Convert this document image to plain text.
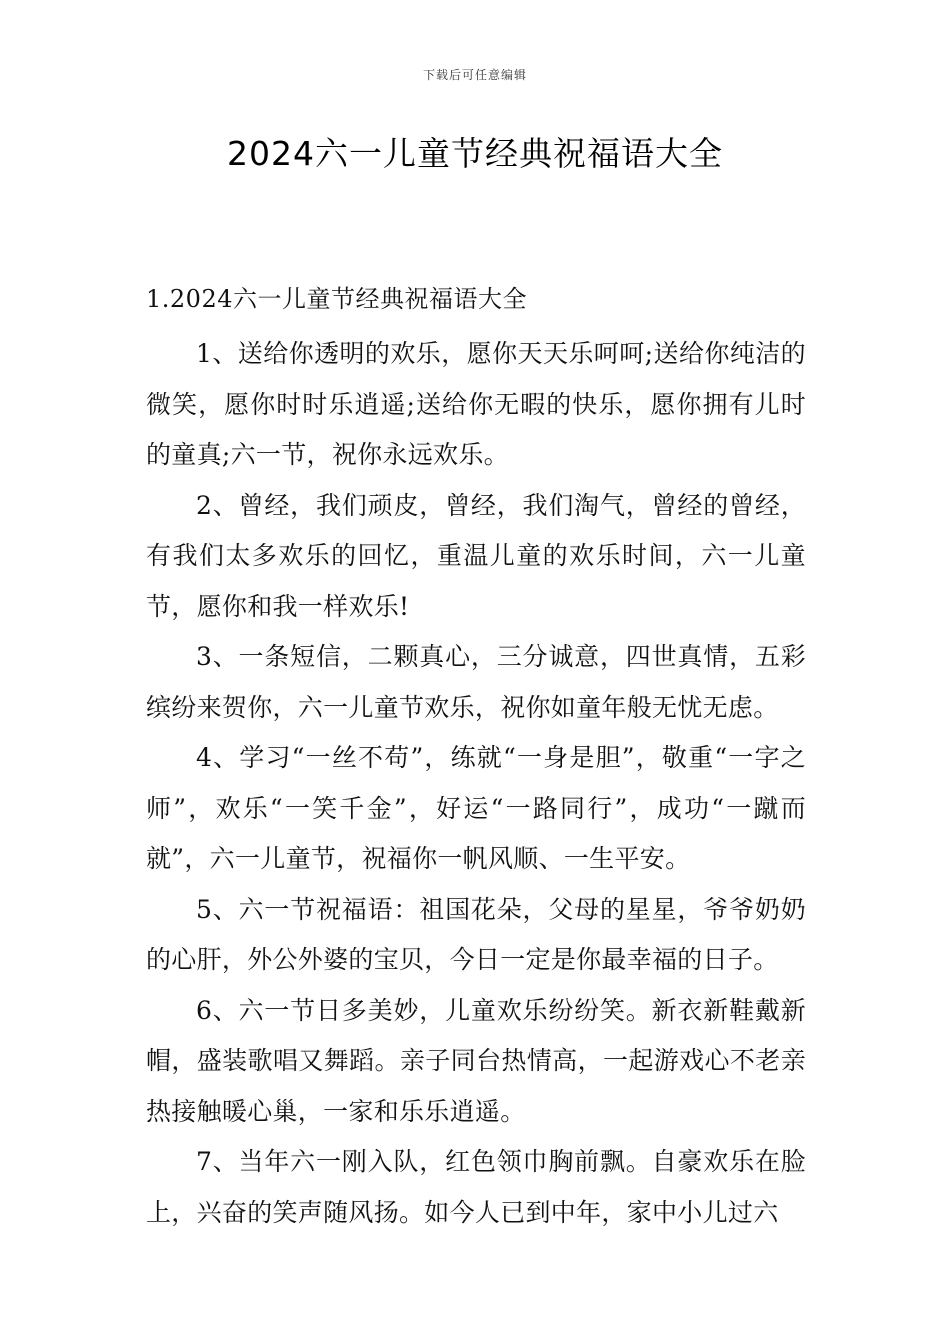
下载后可任意编辑
2024六一儿童节经典祝福语大全
1.2024六一儿童节经典祝福语大全

1、送给你透明的欢乐，愿你天天乐呵呵;送给你纯洁的微笑，愿你时时乐逍遥;送给你无暇的快乐，愿你拥有儿时的童真;六一节，祝你永远欢乐。

2、曾经，我们顽皮，曾经，我们淘气，曾经的曾经，有我们太多欢乐的回忆，重温儿童的欢乐时间，六一儿童节，愿你和我一样欢乐!

3、一条短信，二颗真心，三分诚意，四世真情，五彩缤纷来贺你，六一儿童节欢乐，祝你如童年般无忧无虑。

4、学习“一丝不苟”，练就“一身是胆”，敬重“一字之师”，欢乐“一笑千金”，好运“一路同行”，成功“一蹴而就”，六一儿童节，祝福你一帆风顺、一生平安。

5、六一节祝福语：祖国花朵，父母的星星，爷爷奶奶的心肝，外公外婆的宝贝，今日一定是你最幸福的日子。

6、六一节日多美妙，儿童欢乐纷纷笑。新衣新鞋戴新帽，盛装歌唱又舞蹈。亲子同台热情高，一起游戏心不老亲热接触暖心巢，一家和乐乐逍遥。

7、当年六一刚入队，红色领巾胸前飘。自豪欢乐在脸上，兴奋的笑声随风扬。如今人已到中年，家中小儿过六
